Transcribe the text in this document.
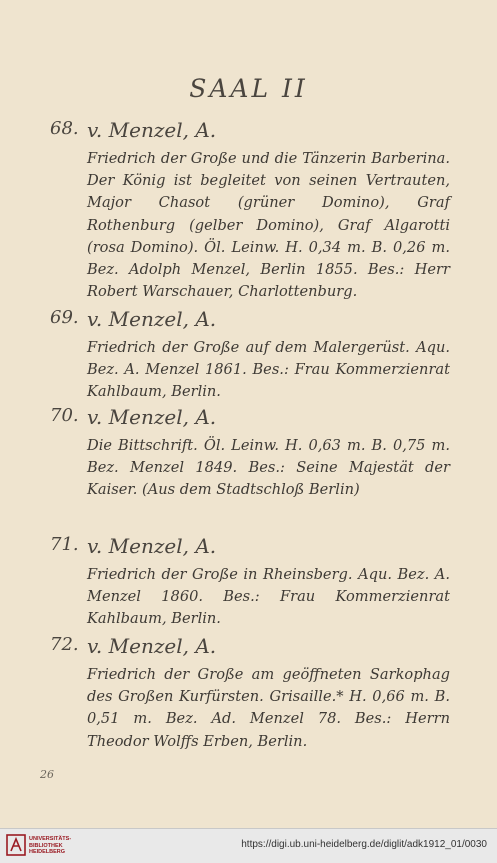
SAAL II
68. v. Menzel, A.
Friedrich der Große und die Tänzerin Barberina. Der König ist begleitet von seinen Vertrauten, Major Chasot (grüner Domino), Graf Rothenburg (gelber Domino), Graf Algarotti (rosa Domino). Öl. Leinw. H. 0,34 m. B. 0,26 m. Bez. Adolph Menzel, Berlin 1855. Bes.: Herr Robert Warschauer, Charlottenburg.
69. v. Menzel, A.
Friedrich der Große auf dem Malergerüst. Aqu. Bez. A. Menzel 1861. Bes.: Frau Kommerzienrat Kahlbaum, Berlin.
70. v. Menzel, A.
Die Bittschrift. Öl. Leinw. H. 0,63 m. B. 0,75 m. Bez. Menzel 1849. Bes.: Seine Majestät der Kaiser. (Aus dem Stadtschloß Berlin)
71. v. Menzel, A.
Friedrich der Große in Rheinsberg. Aqu. Bez. A. Menzel 1860. Bes.: Frau Kommerzienrat Kahlbaum, Berlin.
72. v. Menzel, A.
Friedrich der Große am geöffneten Sarkophag des Großen Kurfürsten. Grisaille.* H. 0,66 m. B. 0,51 m. Bez. Ad. Menzel 78. Bes.: Herrn Theodor Wolffs Erben, Berlin.
26
UNIVERSITÄTS-
BIBLIOTHEK
HEIDELBERG
https://digi.ub.uni-heidelberg.de/diglit/adk1912_01/0030
